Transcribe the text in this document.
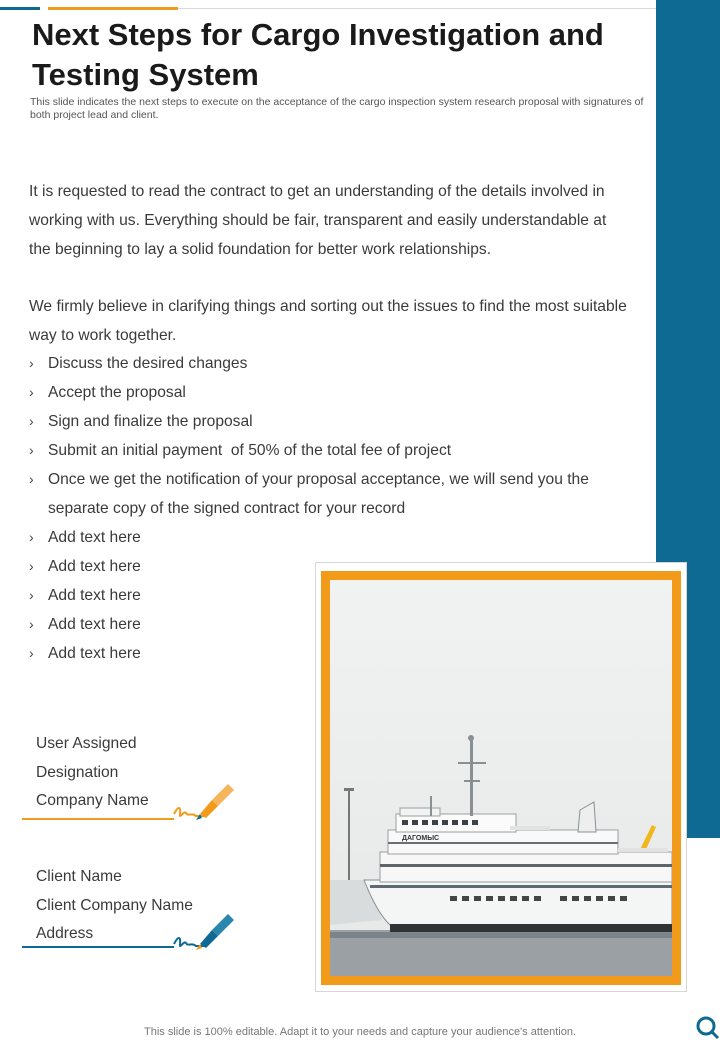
Next Steps for Cargo Investigation and Testing System

This slide indicates the next steps to execute on the acceptance of the cargo inspection system research proposal with signatures of both project lead and client.

It is requested to read the contract to get an understanding of the details involved in working with us. Everything should be fair, transparent and easily understandable at the beginning to lay a solid foundation for better work relationships.

We firmly believe in clarifying things and sorting out the issues to find the most suitable way to work together.

› Discuss the desired changes
› Accept the proposal
› Sign and finalize the proposal
› Submit an initial payment  of 50% of the total fee of project
› Once we get the notification of your proposal acceptance, we will send you the separate copy of the signed contract for your record
› Add text here
› Add text here
› Add text here
› Add text here
› Add text here
User Assigned
Designation
Company Name
Client Name
Client Company Name
Address
ДАГОМЫС
This slide is 100% editable. Adapt it to your needs and capture your audience's attention.
